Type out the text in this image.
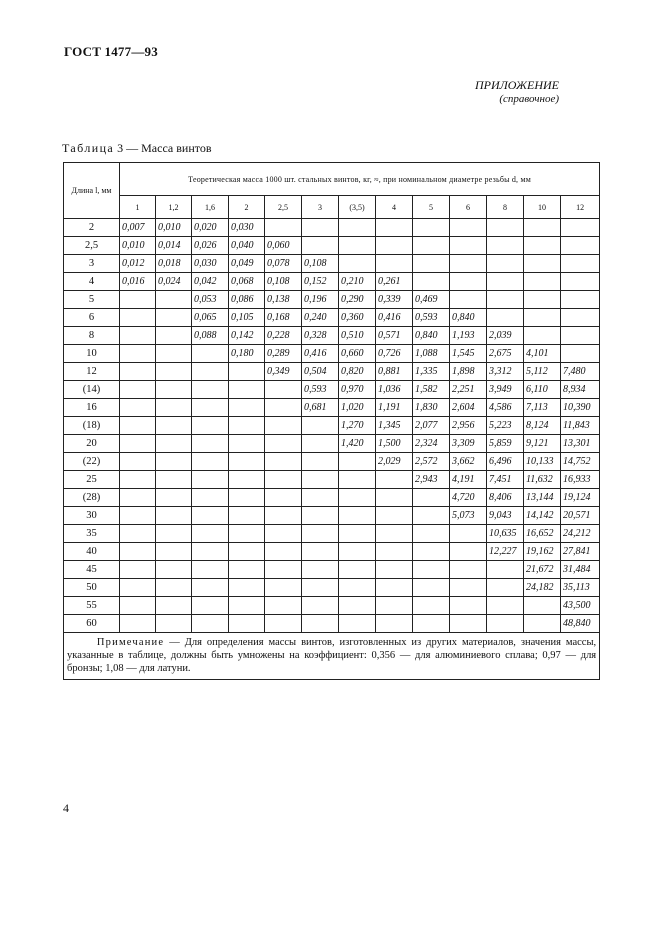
ГОСТ 1477—93
ПРИЛОЖЕНИЕ
(справочное)
Таблица 3 — Масса винтов
Длина l, мм	Теоретическая масса 1000 шт. стальных винтов, кг, ≈, при номинальном диаметре резьбы d, мм												
	1	1,2	1,6	2	2,5	3	(3,5)	4	5	6	8	10	12
2	0,007	0,010	0,020	0,030									
2,5	0,010	0,014	0,026	0,040	0,060								
3	0,012	0,018	0,030	0,049	0,078	0,108							
4	0,016	0,024	0,042	0,068	0,108	0,152	0,210	0,261					
5			0,053	0,086	0,138	0,196	0,290	0,339	0,469				
6			0,065	0,105	0,168	0,240	0,360	0,416	0,593	0,840			
8			0,088	0,142	0,228	0,328	0,510	0,571	0,840	1,193	2,039		
10				0,180	0,289	0,416	0,660	0,726	1,088	1,545	2,675	4,101	
12					0,349	0,504	0,820	0,881	1,335	1,898	3,312	5,112	7,480
(14)						0,593	0,970	1,036	1,582	2,251	3,949	6,110	8,934
16						0,681	1,020	1,191	1,830	2,604	4,586	7,113	10,390
(18)							1,270	1,345	2,077	2,956	5,223	8,124	11,843
20							1,420	1,500	2,324	3,309	5,859	9,121	13,301
(22)								2,029	2,572	3,662	6,496	10,133	14,752
25									2,943	4,191	7,451	11,632	16,933
(28)										4,720	8,406	13,144	19,124
30										5,073	9,043	14,142	20,571
35											10,635	16,652	24,212
40											12,227	19,162	27,841
45												21,672	31,484
50												24,182	35,113
55													43,500
60													48,840
Примечание — Для определения массы винтов, изготовленных из других материалов, значения массы, указанные в таблице, должны быть умножены на коэффициент: 0,356 — для алюминиевого сплава; 0,97 — для бронзы; 1,08 — для латуни.													
4
